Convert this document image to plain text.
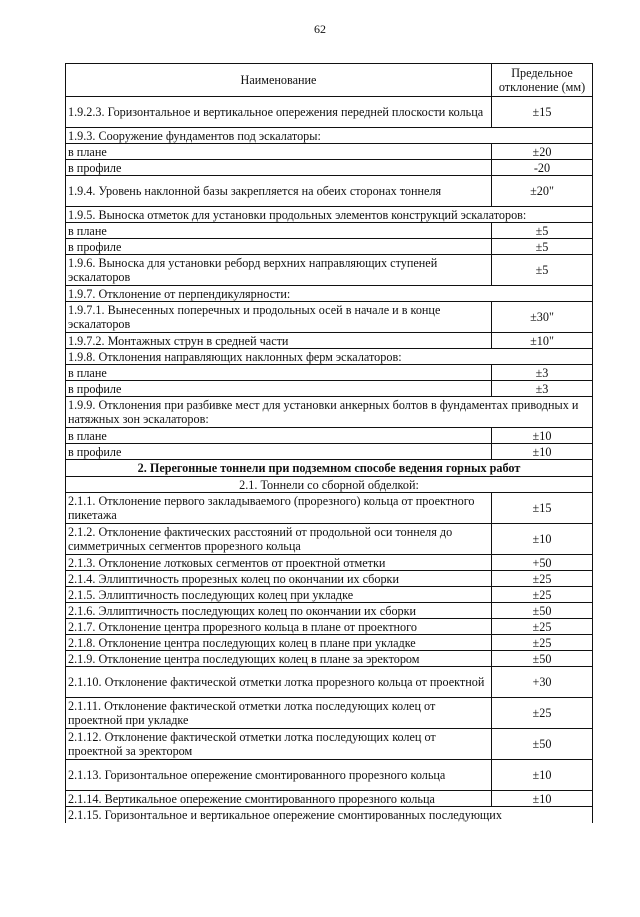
62
Наименование	Предельное отклонение (мм)
1.9.2.3. Горизонтальное и вертикальное опережения передней плоскости кольца	±15
1.9.3. Сооружение фундаментов под эскалаторы:	
в плане	±20
в профиле	-20
1.9.4. Уровень наклонной базы закрепляется на обеих сторонах тоннеля	±20"
1.9.5. Выноска отметок для установки продольных элементов конструкций эскалаторов:	
в плане	±5
в профиле	±5
1.9.6. Выноска для установки реборд верхних направляющих ступеней эскалаторов	±5
1.9.7. Отклонение от перпендикулярности:	
1.9.7.1. Вынесенных поперечных и продольных осей в начале и в конце эскалаторов	±30"
1.9.7.2. Монтажных струн в средней части	±10"
1.9.8. Отклонения направляющих наклонных ферм эскалаторов:	
в плане	±3
в профиле	±3
1.9.9. Отклонения при разбивке мест для установки анкерных болтов в фундаментах приводных и натяжных зон эскалаторов:	
в плане	±10
в профиле	±10
2. Перегонные тоннели при подземном способе ведения горных работ	
2.1. Тоннели со сборной обделкой:	
2.1.1. Отклонение первого закладываемого (прорезного) кольца от проектного пикетажа	±15
2.1.2. Отклонение фактических расстояний от продольной оси тоннеля до симметричных сегментов прорезного кольца	±10
2.1.3. Отклонение лотковых сегментов от проектной отметки	+50
2.1.4. Эллиптичность прорезных колец по окончании их сборки	±25
2.1.5. Эллиптичность последующих колец при укладке	±25
2.1.6. Эллиптичность последующих колец по окончании их сборки	±50
2.1.7. Отклонение центра прорезного кольца в плане от проектного	±25
2.1.8. Отклонение центра последующих колец в плане при укладке	±25
2.1.9. Отклонение центра последующих колец в плане за эректором	±50
2.1.10. Отклонение фактической отметки лотка прорезного кольца от проектной	+30
2.1.11. Отклонение фактической отметки лотка последующих колец от проектной при укладке	±25
2.1.12. Отклонение фактической отметки лотка последующих колец от проектной за эректором	±50
2.1.13. Горизонтальное опережение смонтированного прорезного кольца	±10
2.1.14. Вертикальное опережение смонтированного прорезного кольца	±10
2.1.15. Горизонтальное и вертикальное опережение смонтированных последующих	
